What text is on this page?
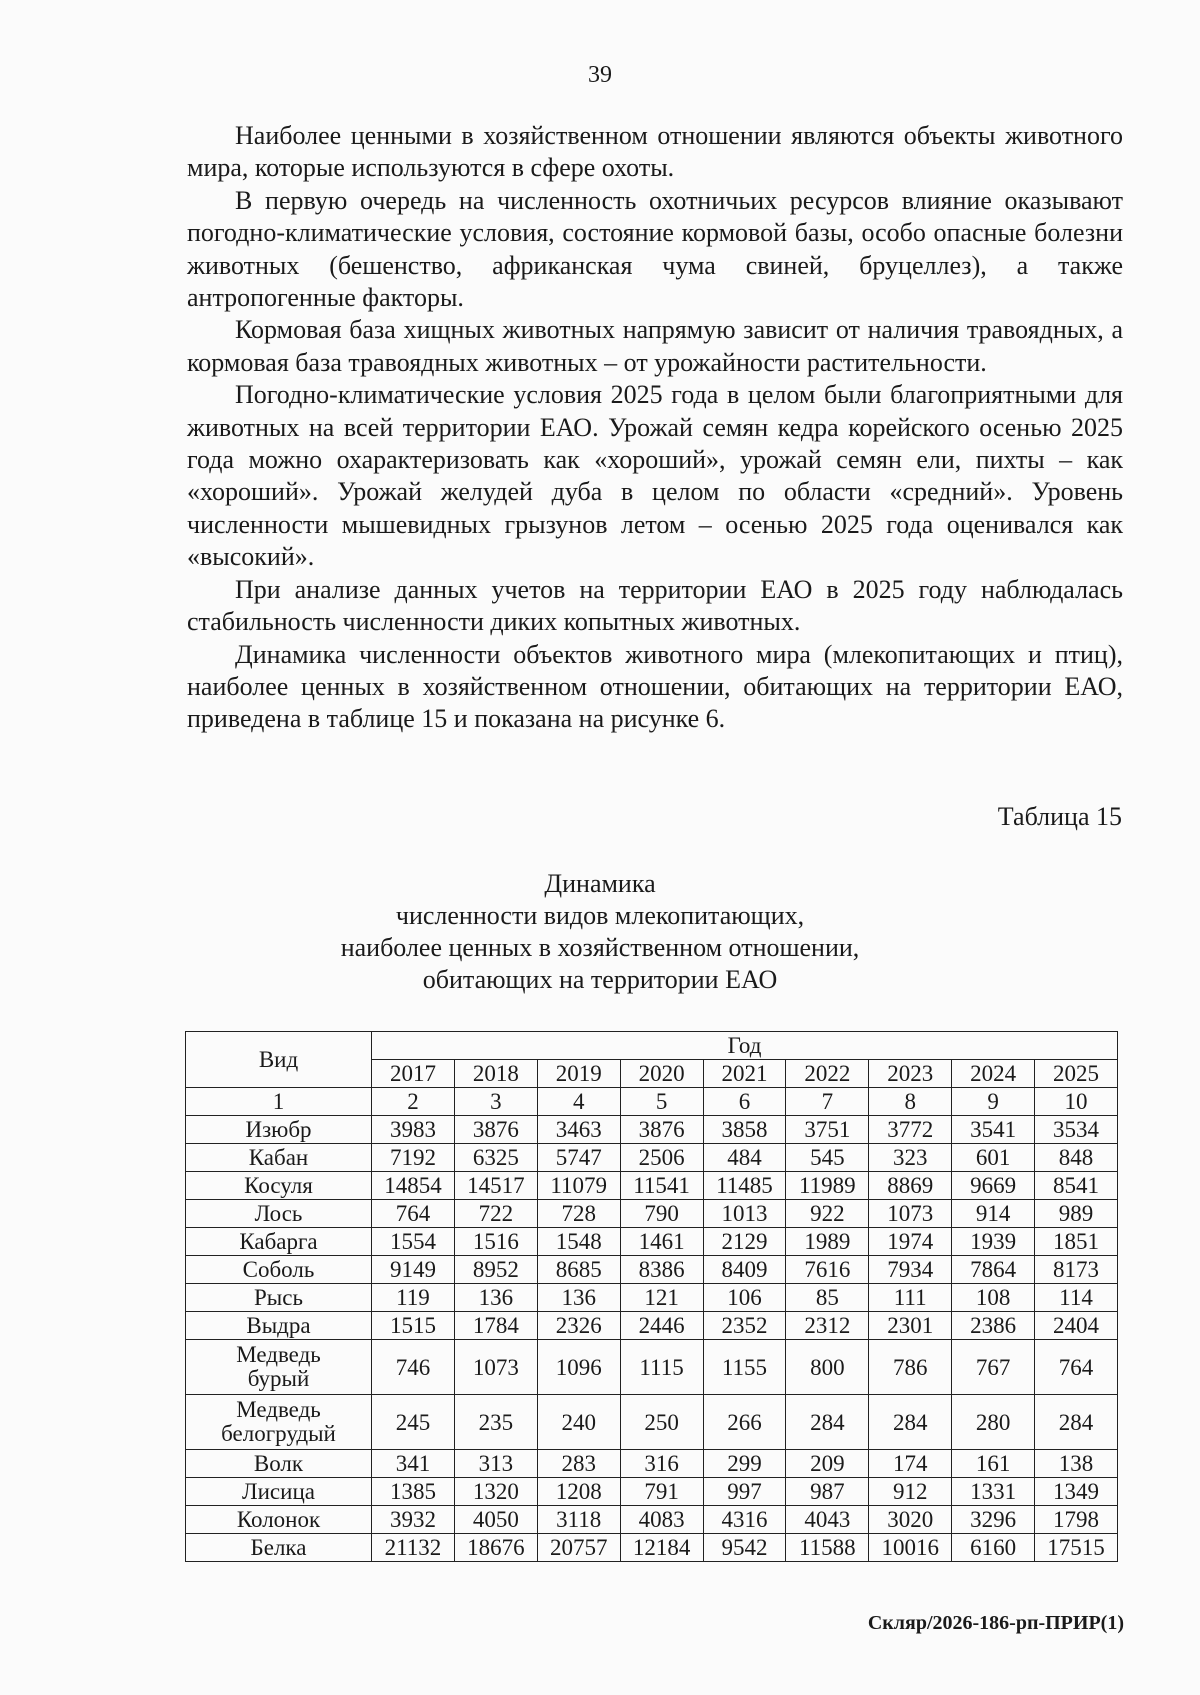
39

Наиболее ценными в хозяйственном отношении являются объекты животного мира, которые используются в сфере охоты.

В первую очередь на численность охотничьих ресурсов влияние оказывают погодно-климатические условия, состояние кормовой базы, особо опасные болезни животных (бешенство, африканская чума свиней, бруцеллез), а также антропогенные факторы.

Кормовая база хищных животных напрямую зависит от наличия травоядных, а кормовая база травоядных животных – от урожайности растительности.

Погодно-климатические условия 2025 года в целом были благоприятными для животных на всей территории ЕАО. Урожай семян кедра корейского осенью 2025 года можно охарактеризовать как «хороший», урожай семян ели, пихты – как «хороший». Урожай желудей дуба в целом по области «средний». Уровень численности мышевидных грызунов летом – осенью 2025 года оценивался как «высокий».

При анализе данных учетов на территории ЕАО в 2025 году наблюдалась стабильность численности диких копытных животных.

Динамика численности объектов животного мира (млекопитающих и птиц), наиболее ценных в хозяйственном отношении, обитающих на территории ЕАО, приведена в таблице 15 и показана на рисунке 6.

Таблица 15
Динамика
численности видов млекопитающих,
наиболее ценных в хозяйственном отношении,
обитающих на территории ЕАО
Вид	Год								
	2017	2018	2019	2020	2021	2022	2023	2024	2025
1	2	3	4	5	6	7	8	9	10
Изюбр	3983	3876	3463	3876	3858	3751	3772	3541	3534
Кабан	7192	6325	5747	2506	484	545	323	601	848
Косуля	14854	14517	11079	11541	11485	11989	8869	9669	8541
Лось	764	722	728	790	1013	922	1073	914	989
Кабарга	1554	1516	1548	1461	2129	1989	1974	1939	1851
Соболь	9149	8952	8685	8386	8409	7616	7934	7864	8173
Рысь	119	136	136	121	106	85	111	108	114
Выдра	1515	1784	2326	2446	2352	2312	2301	2386	2404

Медведь
бурый	746	1073	1096	1115	1155	800	786	767	764

Медведь
белогрудый	245	235	240	250	266	284	284	280	284
Волк	341	313	283	316	299	209	174	161	138
Лисица	1385	1320	1208	791	997	987	912	1331	1349
Колонок	3932	4050	3118	4083	4316	4043	3020	3296	1798
Белка	21132	18676	20757	12184	9542	11588	10016	6160	17515
Скляр/2026-186-рп-ПРИР(1)
